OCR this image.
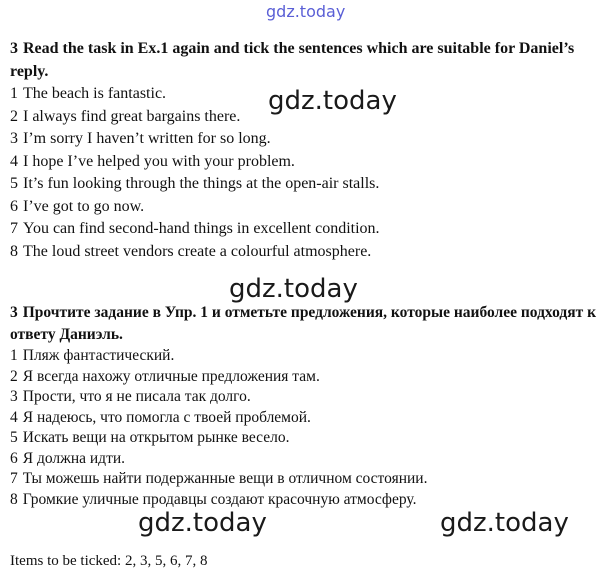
gdz.today
gdz.today
gdz.today
gdz.today	gdz.today

3 Read the task in Ex.1 again and tick the sentences which are suitable for Daniel’s reply.

1 The beach is fantastic.
2 I always find great bargains there.
3 I’m sorry I haven’t written for so long.
4 I hope I’ve helped you with your problem.
5 It’s fun looking through the things at the open-air stalls.
6 I’ve got to go now.
7 You can find second-hand things in excellent condition.
8 The loud street vendors create a colourful atmosphere.

3 Прочтите задание в Упр. 1 и отметьте предложения, которые наиболее подходят к ответу Даниэль.

1 Пляж фантастический.
2 Я всегда нахожу отличные предложения там.
3 Прости, что я не писала так долго.
4 Я надеюсь, что помогла с твоей проблемой.
5 Искать вещи на открытом рынке весело.
6 Я должна идти.
7 Ты можешь найти подержанные вещи в отличном состоянии.
8 Громкие уличные продавцы создают красочную атмосферу.
Items to be ticked: 2, 3, 5, 6, 7, 8
